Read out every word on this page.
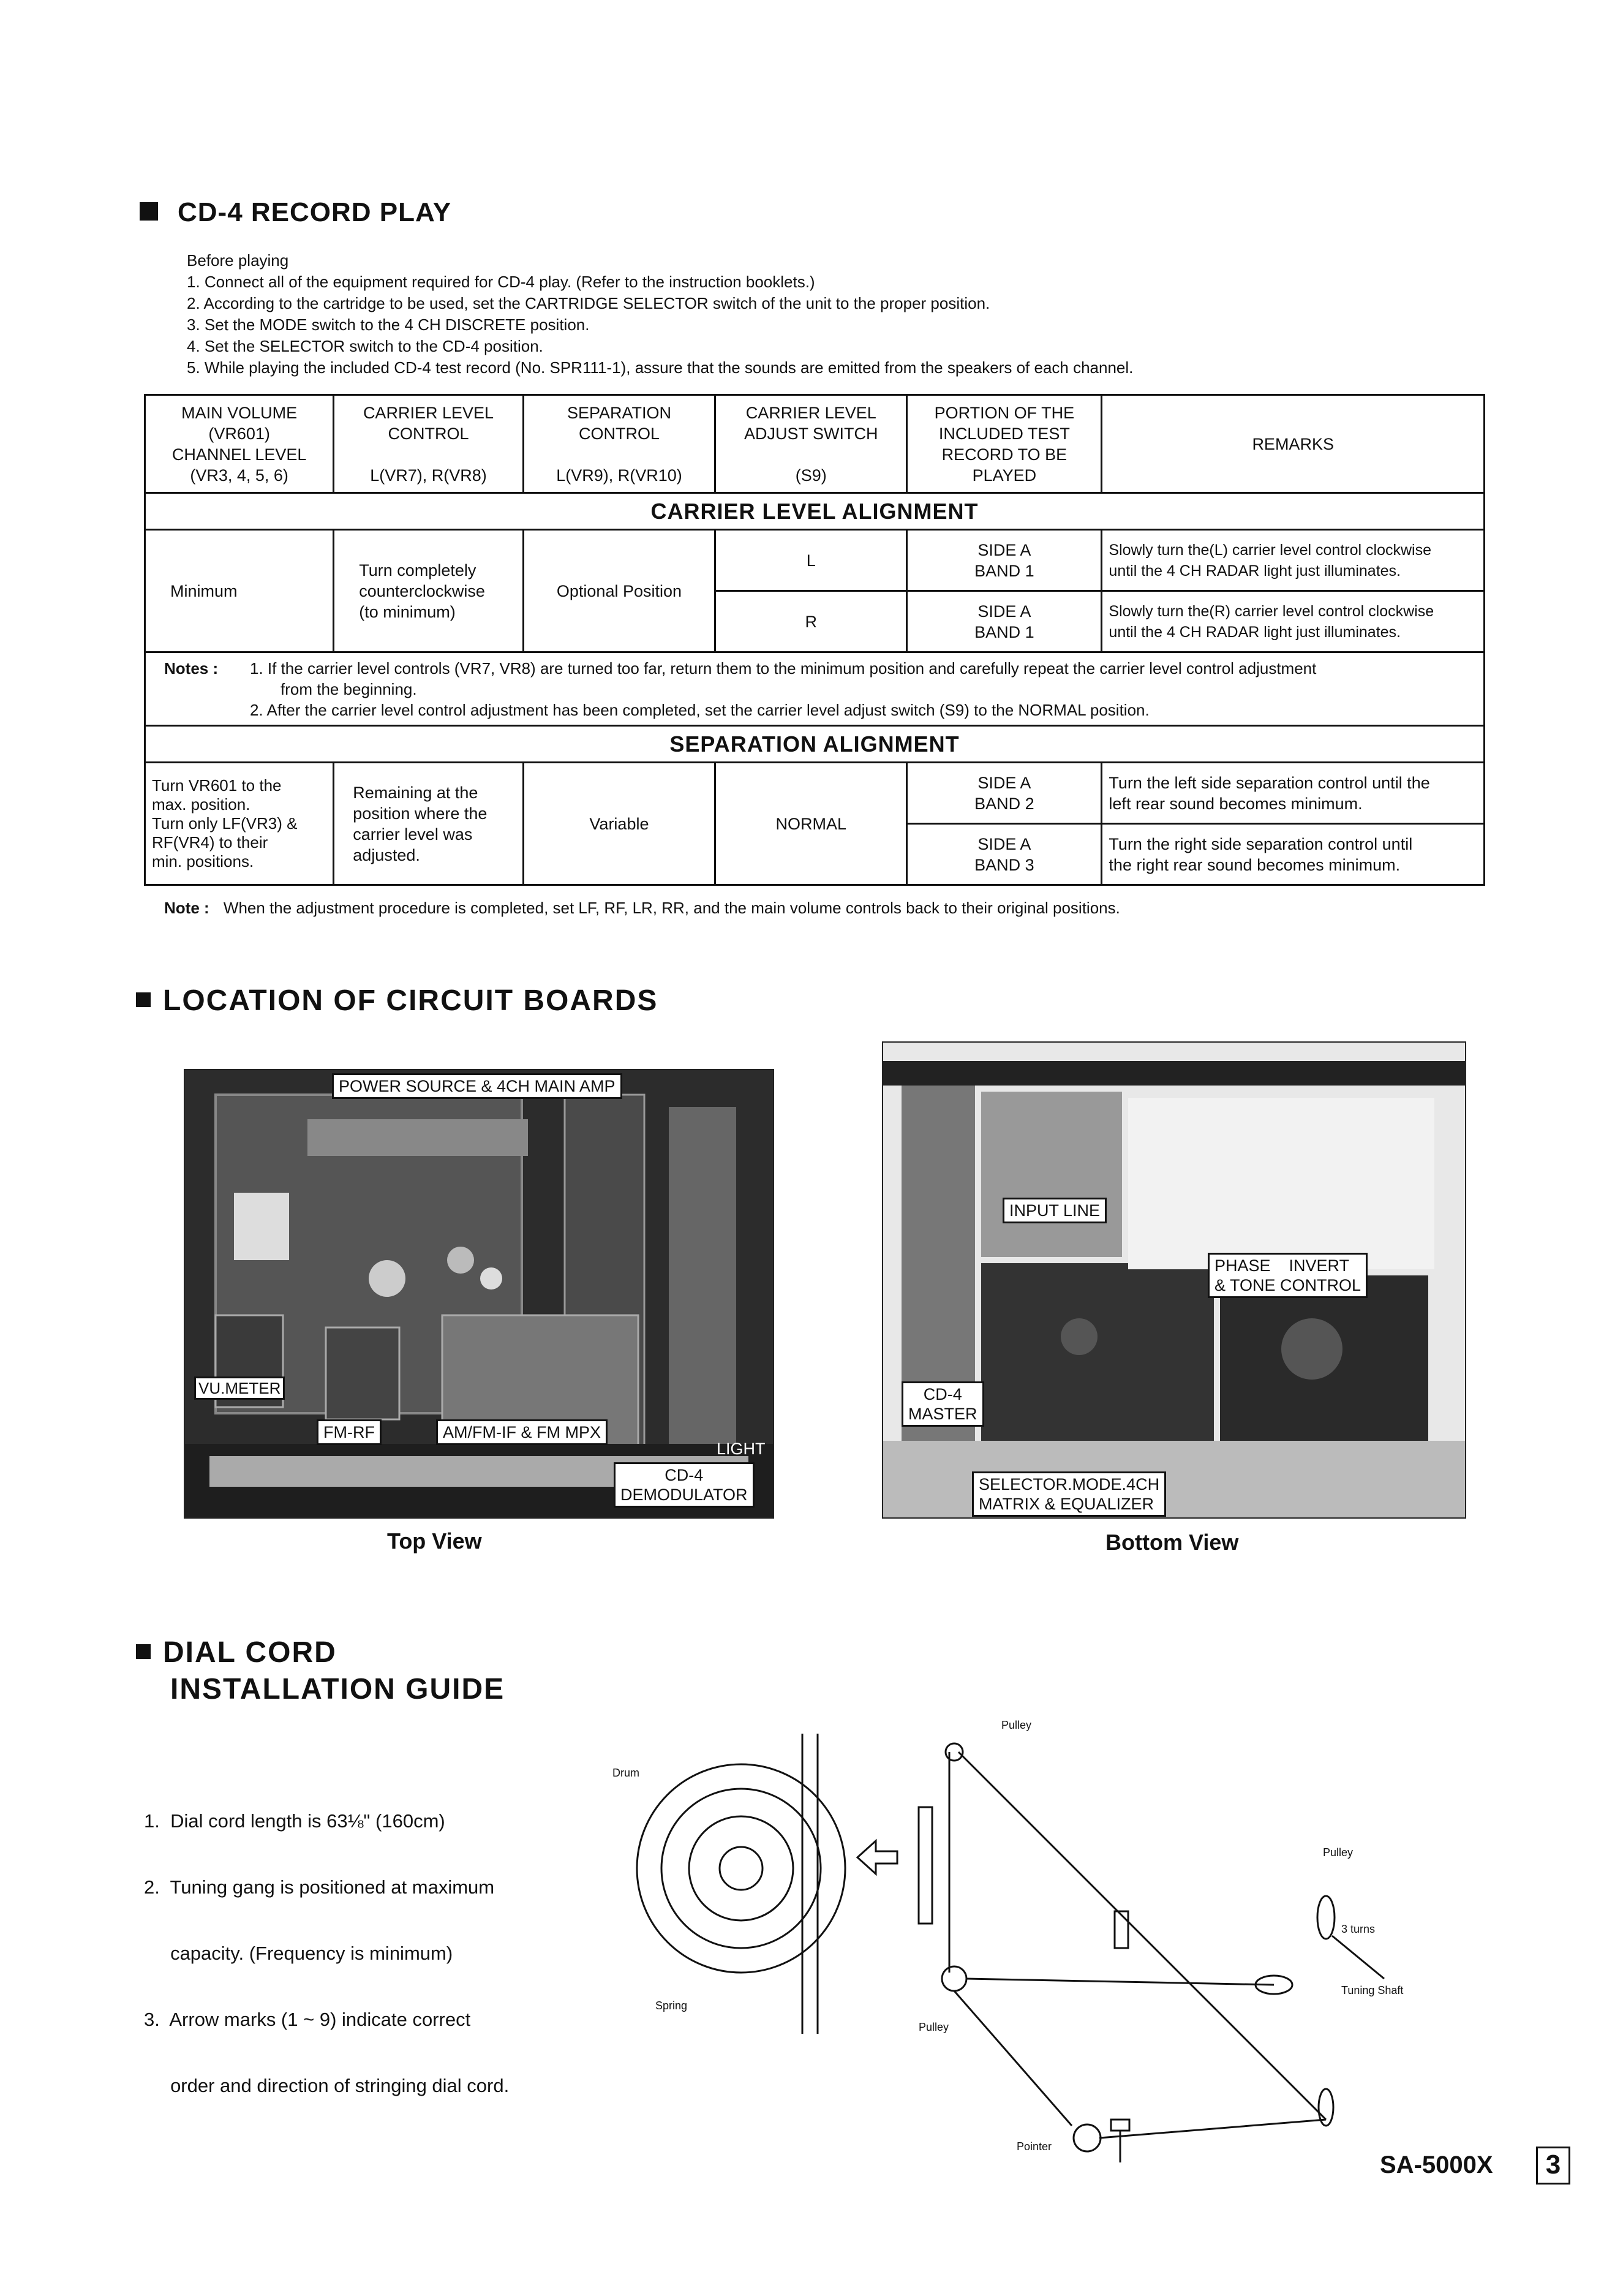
CD-4 RECORD PLAY
Before playing
1. Connect all of the equipment required for CD-4 play. (Refer to the instruction booklets.)
2. According to the cartridge to be used, set the CARTRIDGE SELECTOR switch of the unit to the proper position.
3. Set the MODE switch to the 4 CH DISCRETE position.
4. Set the SELECTOR switch to the CD-4 position.
5. While playing the included CD-4 test record (No. SPR111-1), assure that the sounds are emitted from the speakers of each channel.
MAIN VOLUME
(VR601)
CHANNEL LEVEL
(VR3, 4, 5, 6)	CARRIER LEVEL
CONTROL

L(VR7), R(VR8)	SEPARATION
CONTROL

L(VR9), R(VR10)	CARRIER LEVEL
ADJUST SWITCH

(S9)	PORTION OF THE
INCLUDED TEST
RECORD TO BE
PLAYED	REMARKS
CARRIER LEVEL ALIGNMENT					
Minimum	Turn completely
counterclockwise
(to minimum)	Optional Position	L	SIDE A
BAND 1	Slowly turn the(L) carrier level control clockwise
until the 4 CH RADAR light just illuminates.
			R	SIDE A
BAND 1	Slowly turn the(R) carrier level control clockwise
until the 4 CH RADAR light just illuminates.

Notes : 1. If the carrier level controls (VR7, VR8) are turned too far, return them to the minimum position and carefully repeat the carrier level control adjustment
from the beginning.
2. After the carrier level control adjustment has been completed, set the carrier level adjust switch (S9) to the NORMAL position.					

SEPARATION ALIGNMENT					
Turn VR601 to the
max. position.
Turn only LF(VR3) &
RF(VR4) to their
min. positions.	Remaining at the
position where the
carrier level was
adjusted.	Variable	NORMAL	SIDE A
BAND 2	Turn the left side separation control until the
left rear sound becomes minimum.
				SIDE A
BAND 3	Turn the right side separation control until
the right rear sound becomes minimum.
Note : When the adjustment procedure is completed, set LF, RF, LR, RR, and the main volume controls back to their original positions.
LOCATION OF CIRCUIT BOARDS
POWER SOURCE & 4CH MAIN AMP
VU.METER
FM-RF	AM/FM-IF & FM MPX
CD-4
DEMODULATOR
LIGHT
Top View
INPUT LINE
PHASE    INVERT
& TONE CONTROL
CD-4
MASTER
SELECTOR.MODE.4CH
MATRIX & EQUALIZER
Bottom View
DIAL CORD
INSTALLATION GUIDE

1.  Dial cord length is 63⅛" (160cm)

2.  Tuning gang is positioned at maximum

capacity. (Frequency is minimum)

3.  Arrow marks (1 ~ 9) indicate correct

order and direction of stringing dial cord.

Drum
Spring
Pulley
Pulley
Pulley
3 turns
Tuning Shaft
Pointer
SA-5000X	3
